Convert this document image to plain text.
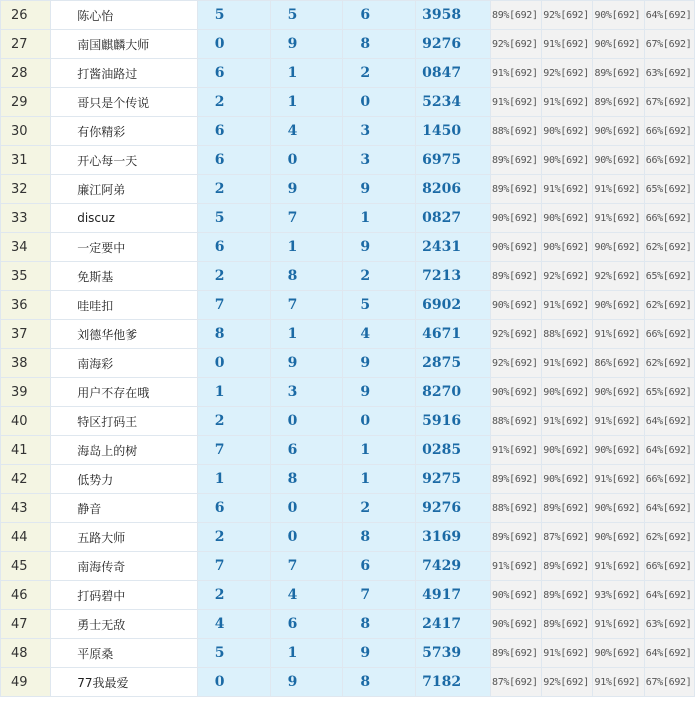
26	陈心怡	5	5	6	3958	89%[692]	92%[692]	90%[692]	64%[692]
27	南国麒麟大师	0	9	8	9276	92%[692]	91%[692]	90%[692]	67%[692]
28	打酱油路过	6	1	2	0847	91%[692]	92%[692]	89%[692]	63%[692]
29	哥只是个传说	2	1	0	5234	91%[692]	91%[692]	89%[692]	67%[692]
30	有你精彩	6	4	3	1450	88%[692]	90%[692]	90%[692]	66%[692]
31	开心每一天	6	0	3	6975	89%[692]	90%[692]	90%[692]	66%[692]
32	廉江阿弟	2	9	9	8206	89%[692]	91%[692]	91%[692]	65%[692]
33	discuz	5	7	1	0827	90%[692]	90%[692]	91%[692]	66%[692]
34	一定要中	6	1	9	2431	90%[692]	90%[692]	90%[692]	62%[692]
35	免斯基	2	8	2	7213	89%[692]	92%[692]	92%[692]	65%[692]
36	哇哇扣	7	7	5	6902	90%[692]	91%[692]	90%[692]	62%[692]
37	刘德华他爹	8	1	4	4671	92%[692]	88%[692]	91%[692]	66%[692]
38	南海彩	0	9	9	2875	92%[692]	91%[692]	86%[692]	62%[692]
39	用户不存在哦	1	3	9	8270	90%[692]	90%[692]	90%[692]	65%[692]
40	特区打码王	2	0	0	5916	88%[692]	91%[692]	91%[692]	64%[692]
41	海岛上的树	7	6	1	0285	91%[692]	90%[692]	90%[692]	64%[692]
42	低势力	1	8	1	9275	89%[692]	90%[692]	91%[692]	66%[692]
43	静音	6	0	2	9276	88%[692]	89%[692]	90%[692]	64%[692]
44	五路大师	2	0	8	3169	89%[692]	87%[692]	90%[692]	62%[692]
45	南海传奇	7	7	6	7429	91%[692]	89%[692]	91%[692]	66%[692]
46	打码碧中	2	4	7	4917	90%[692]	89%[692]	93%[692]	64%[692]
47	勇士无敌	4	6	8	2417	90%[692]	89%[692]	91%[692]	63%[692]
48	平原桑	5	1	9	5739	89%[692]	91%[692]	90%[692]	64%[692]
49	77我最爱	0	9	8	7182	87%[692]	92%[692]	91%[692]	67%[692]
